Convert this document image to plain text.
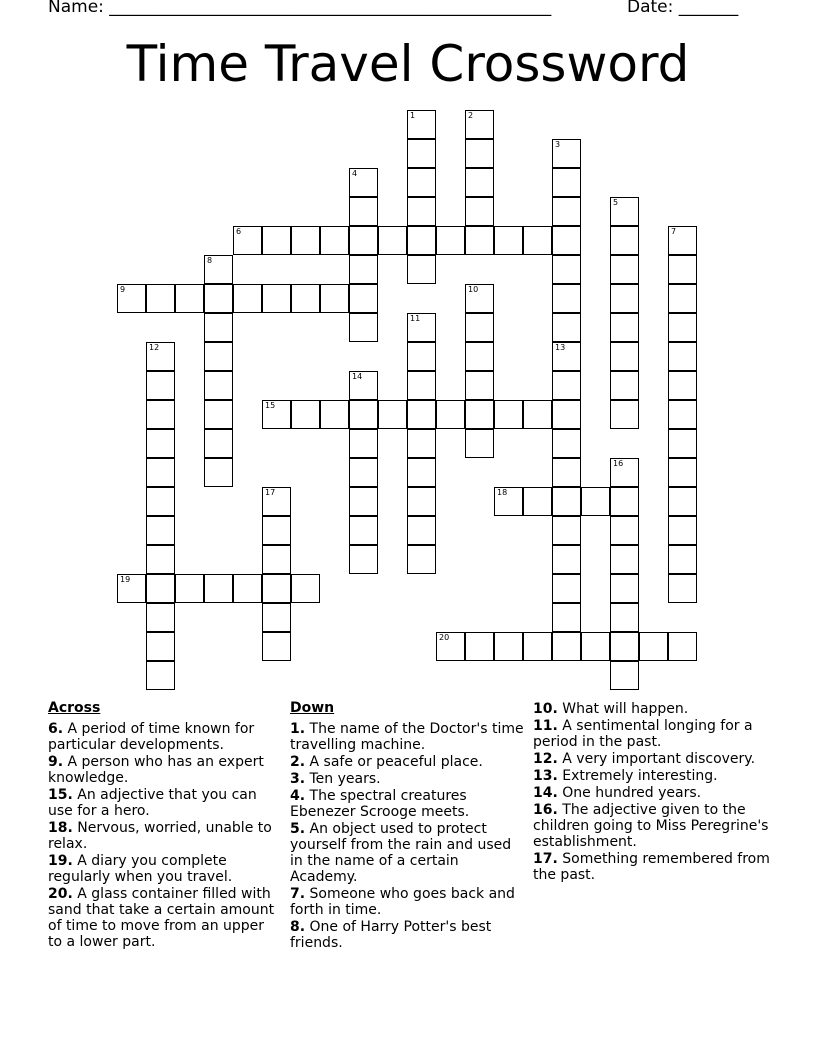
Name: ____________________________________________________	Date: _______
Time Travel Crossword
1	2
3
4
5
6	7
8
9	10
11
12	13
14
15
16
17	18
19
20
Across
6. A period of time known for particular developments.
9. A person who has an expert knowledge.
15. An adjective that you can use for a hero.
18. Nervous, worried, unable to relax.
19. A diary you complete regularly when you travel.
20. A glass container filled with sand that take a certain amount of time to move from an upper to a lower part.
Down
1. The name of the Doctor's time travelling machine.
2. A safe or peaceful place.
3. Ten years.
4. The spectral creatures Ebenezer Scrooge meets.
5. An object used to protect yourself from the rain and used in the name of a certain Academy.
7. Someone who goes back and forth in time.
8. One of Harry Potter's best friends.
10. What will happen.
11. A sentimental longing for a period in the past.
12. A very important discovery.
13. Extremely interesting.
14. One hundred years.
16. The adjective given to the children going to Miss Peregrine's establishment.
17. Something remembered from the past.
